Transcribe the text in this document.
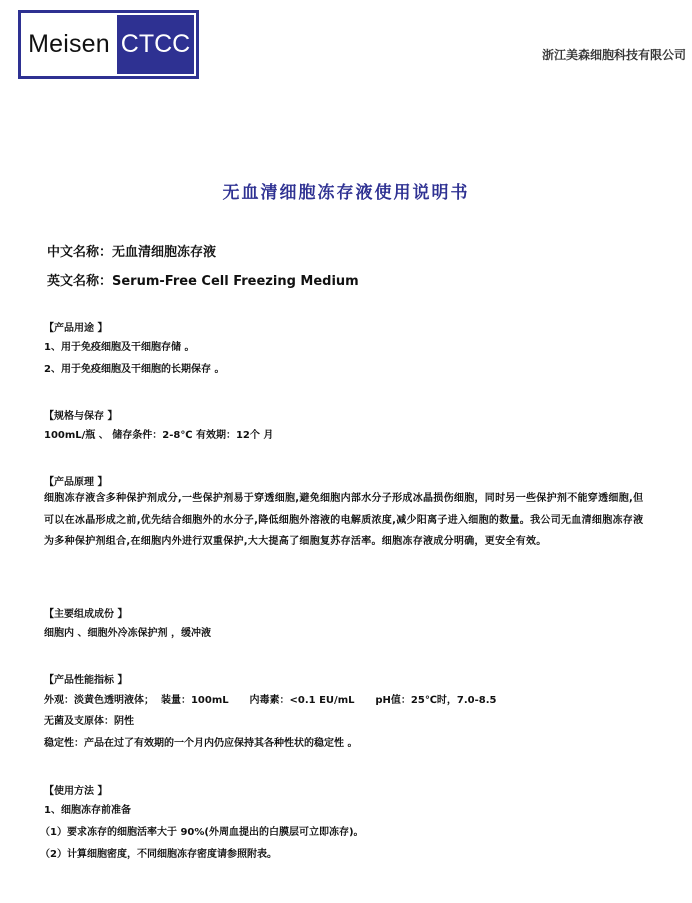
Meisen CTCC	浙江美森细胞科技有限公司
无血清细胞冻存液使用说明书
中文名称：无血清细胞冻存液
英文名称：Serum-Free Cell Freezing Medium
【产品用途 】
1、用于免疫细胞及干细胞存储 。
2、用于免疫细胞及干细胞的长期保存 。
【规格与保存 】
100mL/瓶 、 储存条件：2-8℃ 有效期：12个 月
【产品原理 】
细胞冻存液含多种保护剂成分,一些保护剂易于穿透细胞,避免细胞内部水分子形成冰晶损伤细胞，同时另一些保护剂不能穿透细胞,但可以在冰晶形成之前,优先结合细胞外的水分子,降低细胞外溶液的电解质浓度,减少阳离子进入细胞的数量。我公司无血清细胞冻存液为多种保护剂组合,在细胞内外进行双重保护,大大提高了细胞复苏存活率。细胞冻存液成分明确，更安全有效。
【主要组成成份 】
细胞内 、细胞外冷冻保护剂 ，缓冲液
【产品性能指标 】
外观：淡黄色透明液体；  装量：100mL      内毒素：<0.1 EU/mL      pH值：25℃时，7.0-8.5
无菌及支原体：阴性
稳定性：产品在过了有效期的一个月内仍应保持其各种性状的稳定性 。
【使用方法 】
1、细胞冻存前准备
（1）要求冻存的细胞活率大于 90%(外周血提出的白膜层可立即冻存)。
（2）计算细胞密度，不同细胞冻存密度请参照附表。
